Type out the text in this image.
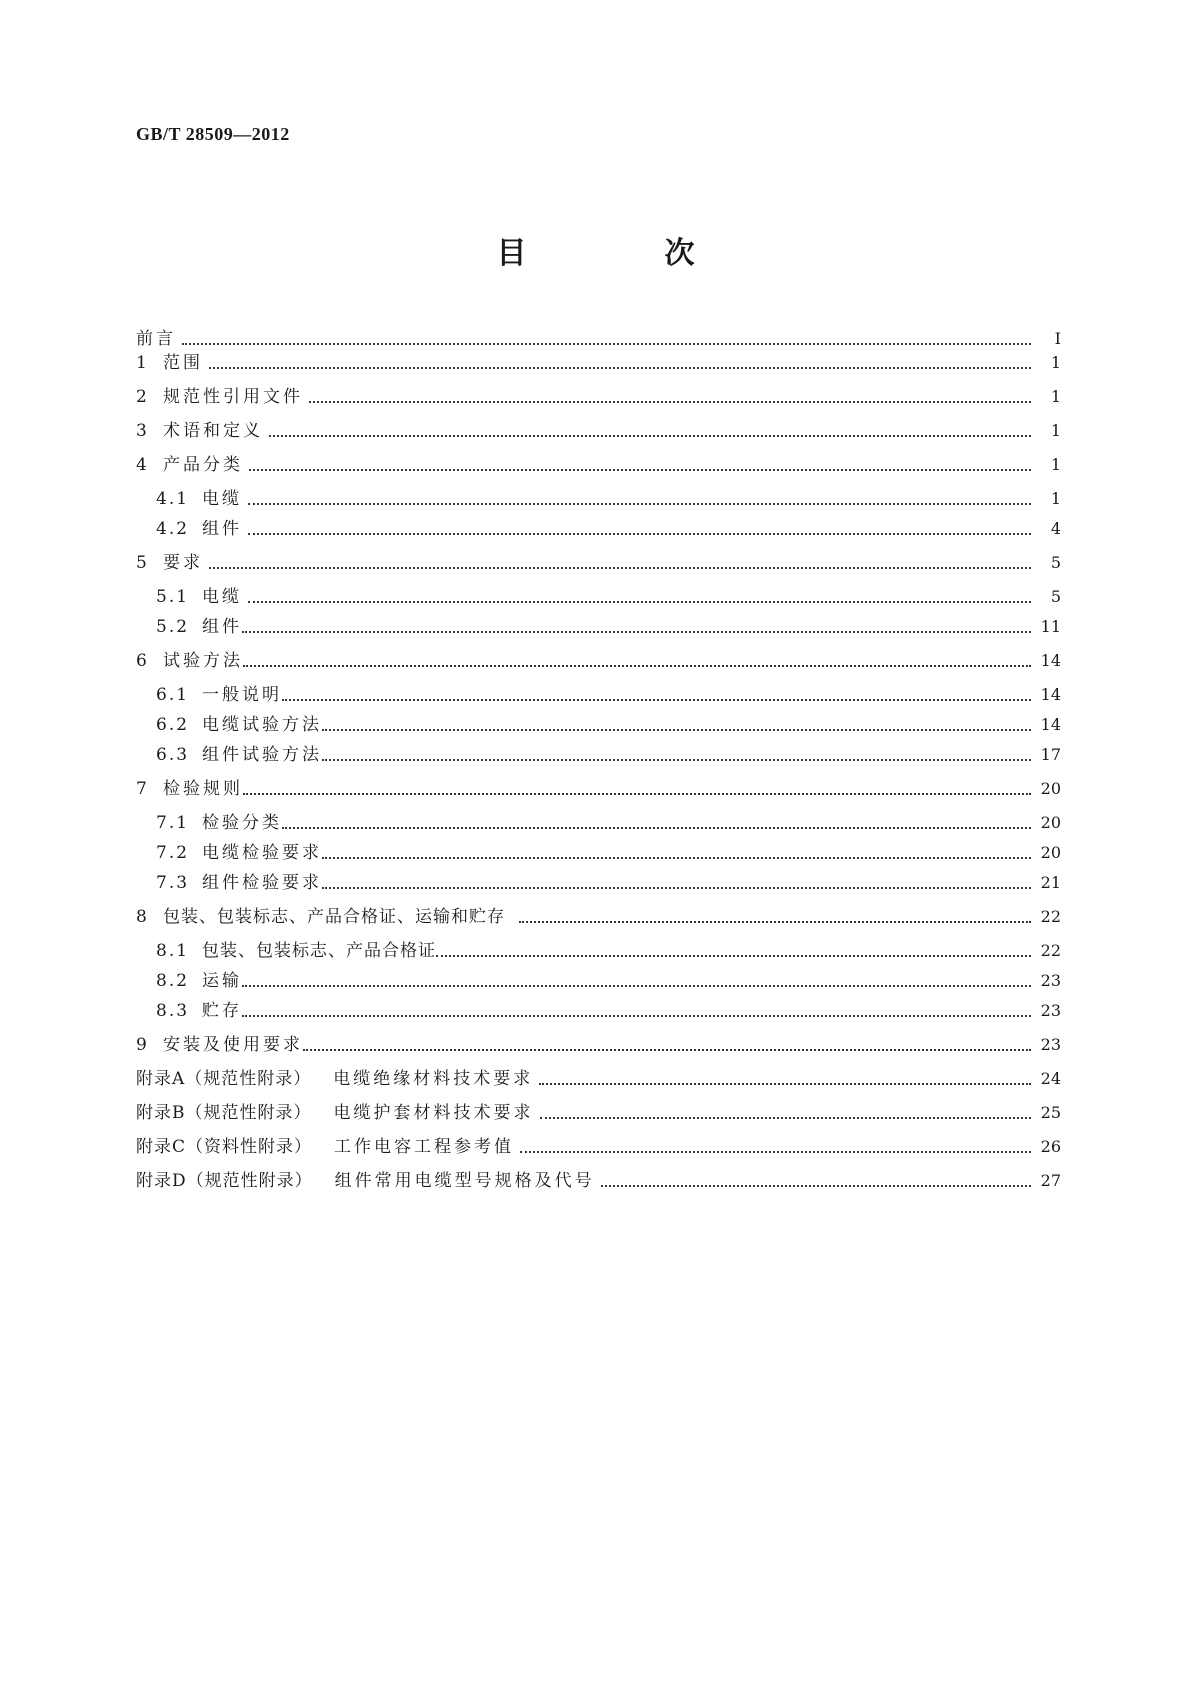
GB/T 28509—2012
目　次
前言	Ⅰ
1 范围	1
2 规范性引用文件	1
3 术语和定义	1
4 产品分类	1
4.1 电缆	1
4.2 组件	4
5 要求	5
5.1 电缆	5
5.2 组件	11
6 试验方法	14
6.1 一般说明	14
6.2 电缆试验方法	14
6.3 组件试验方法	17
7 检验规则	20
7.1 检验分类	20
7.2 电缆检验要求	20
7.3 组件检验要求	21
8 包装、包装标志、产品合格证、运输和贮存	22
8.1 包装、包装标志、产品合格证	22
8.2 运输	23
8.3 贮存	23
9 安装及使用要求	23
附录A（规范性附录） 电缆绝缘材料技术要求	24
附录B（规范性附录） 电缆护套材料技术要求	25
附录C（资料性附录） 工作电容工程参考值	26
附录D（规范性附录） 组件常用电缆型号规格及代号	27
